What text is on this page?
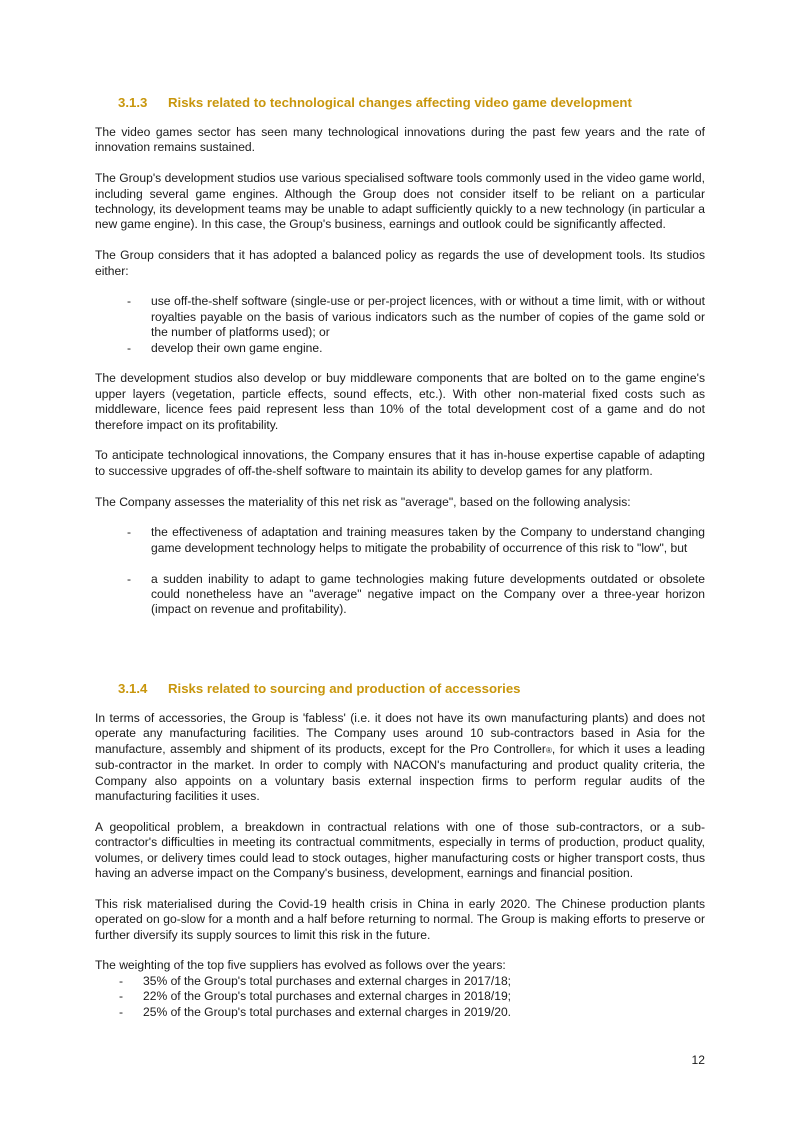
3.1.3 Risks related to technological changes affecting video game development

The video games sector has seen many technological innovations during the past few years and the rate of innovation remains sustained.

The Group's development studios use various specialised software tools commonly used in the video game world, including several game engines. Although the Group does not consider itself to be reliant on a particular technology, its development teams may be unable to adapt sufficiently quickly to a new technology (in particular a new game engine). In this case, the Group's business, earnings and outlook could be significantly affected.

The Group considers that it has adopted a balanced policy as regards the use of development tools. Its studios either:

- use off-the-shelf software (single-use or per-project licences, with or without a time limit, with or without royalties payable on the basis of various indicators such as the number of copies of the game sold or the number of platforms used); or
- develop their own game engine.

The development studios also develop or buy middleware components that are bolted on to the game engine's upper layers (vegetation, particle effects, sound effects, etc.). With other non-material fixed costs such as middleware, licence fees paid represent less than 10% of the total development cost of a game and do not therefore impact on its profitability.

To anticipate technological innovations, the Company ensures that it has in-house expertise capable of adapting to successive upgrades of off-the-shelf software to maintain its ability to develop games for any platform.

The Company assesses the materiality of this net risk as "average", based on the following analysis:

- the effectiveness of adaptation and training measures taken by the Company to understand changing game development technology helps to mitigate the probability of occurrence of this risk to "low", but
- a sudden inability to adapt to game technologies making future developments outdated or obsolete could nonetheless have an "average" negative impact on the Company over a three-year horizon (impact on revenue and profitability).
3.1.4 Risks related to sourcing and production of accessories

In terms of accessories, the Group is 'fabless' (i.e. it does not have its own manufacturing plants) and does not operate any manufacturing facilities. The Company uses around 10 sub-contractors based in Asia for the manufacture, assembly and shipment of its products, except for the Pro Controller®, for which it uses a leading sub-contractor in the market. In order to comply with NACON's manufacturing and product quality criteria, the Company also appoints on a voluntary basis external inspection firms to perform regular audits of the manufacturing facilities it uses.

A geopolitical problem, a breakdown in contractual relations with one of those sub-contractors, or a sub-contractor's difficulties in meeting its contractual commitments, especially in terms of production, product quality, volumes, or delivery times could lead to stock outages, higher manufacturing costs or higher transport costs, thus having an adverse impact on the Company's business, development, earnings and financial position.

This risk materialised during the Covid-19 health crisis in China in early 2020. The Chinese production plants operated on go-slow for a month and a half before returning to normal. The Group is making efforts to preserve or further diversify its supply sources to limit this risk in the future.

The weighting of the top five suppliers has evolved as follows over the years:

- 35% of the Group's total purchases and external charges in 2017/18;
- 22% of the Group's total purchases and external charges in 2018/19;
- 25% of the Group's total purchases and external charges in 2019/20.
12
